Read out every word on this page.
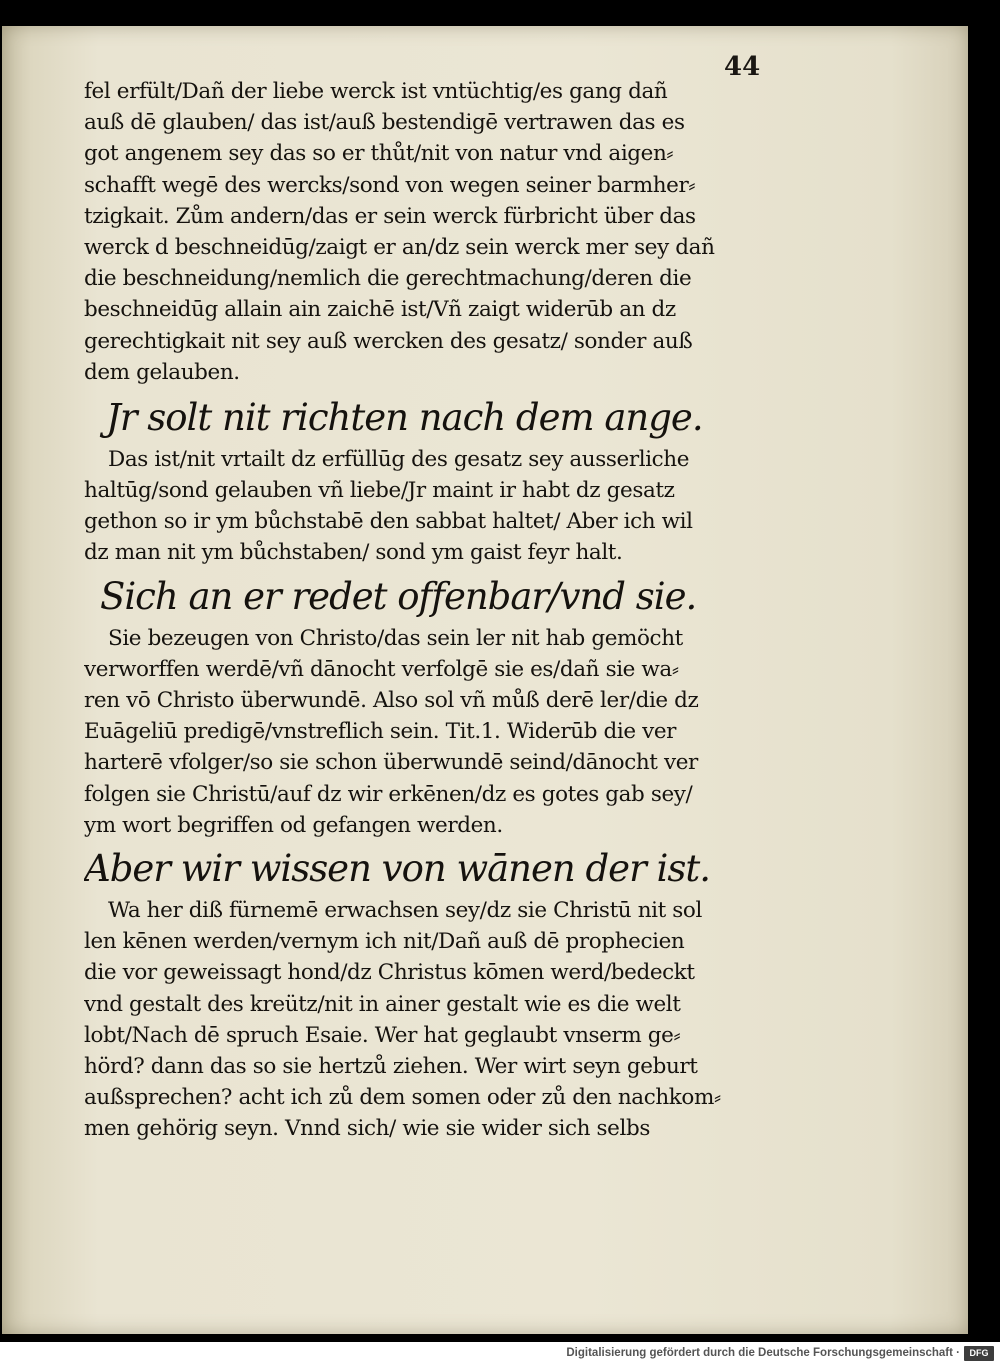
44
fel erfült/Dañ der liebe werck ist vntüchtig/es gang dañ
auß dē glauben/ das ist/auß bestendigē vertrawen das es
got angenem sey das so er thůt/nit von natur vnd aigen⸗
schafft wegē des wercks/sond von wegen seiner barmher⸗
tzigkait. Zům andern/das er sein werck fürbricht über das
werck d beschneidūg/zaigt er an/dz sein werck mer sey dañ
die beschneidung/nemlich die gerechtmachung/deren die
beschneidūg allain ain zaichē ist/Vñ zaigt widerūb an dz
gerechtigkait nit sey auß wercken des gesatz/ sonder auß
dem gelauben.
Jr solt nit richten nach dem ange.
Das ist/nit vrtailt dz erfüllūg des gesatz sey ausserliche
haltūg/sond gelauben vñ liebe/Jr maint ir habt dz gesatz
gethon so ir ym bůchstabē den sabbat haltet/ Aber ich wil
dz man nit ym bůchstaben/ sond ym gaist feyr halt.
Sich an er redet offenbar/vnd sie.
Sie bezeugen von Christo/das sein ler nit hab gemöcht
verworffen werdē/vñ dānocht verfolgē sie es/dañ sie wa⸗
ren vō Christo überwundē. Also sol vñ můß derē ler/die dz
Euāgeliū predigē/vnstreflich sein. Tit.1. Widerūb die ver
harterē vfolger/so sie schon überwundē seind/dānocht ver
folgen sie Christū/auf dz wir erkēnen/dz es gotes gab sey/
ym wort begriffen od gefangen werden.
Aber wir wissen von wānen der ist.
Wa her diß fürnemē erwachsen sey/dz sie Christū nit sol
len kēnen werden/vernym ich nit/Dañ auß dē prophecien
die vor geweissagt hond/dz Christus kōmen werd/bedeckt
vnd gestalt des kreütz/nit in ainer gestalt wie es die welt
lobt/Nach dē spruch Esaie. Wer hat geglaubt vnserm ge⸗
hörd? dann das so sie hertzů ziehen. Wer wirt seyn geburt
außsprechen? acht ich zů dem somen oder zů den nachkom⸗
men gehörig seyn. Vnnd sich/ wie sie wider sich selbs
Digitalisierung gefördert durch die Deutsche Forschungsgemeinschaft ·	DFG
